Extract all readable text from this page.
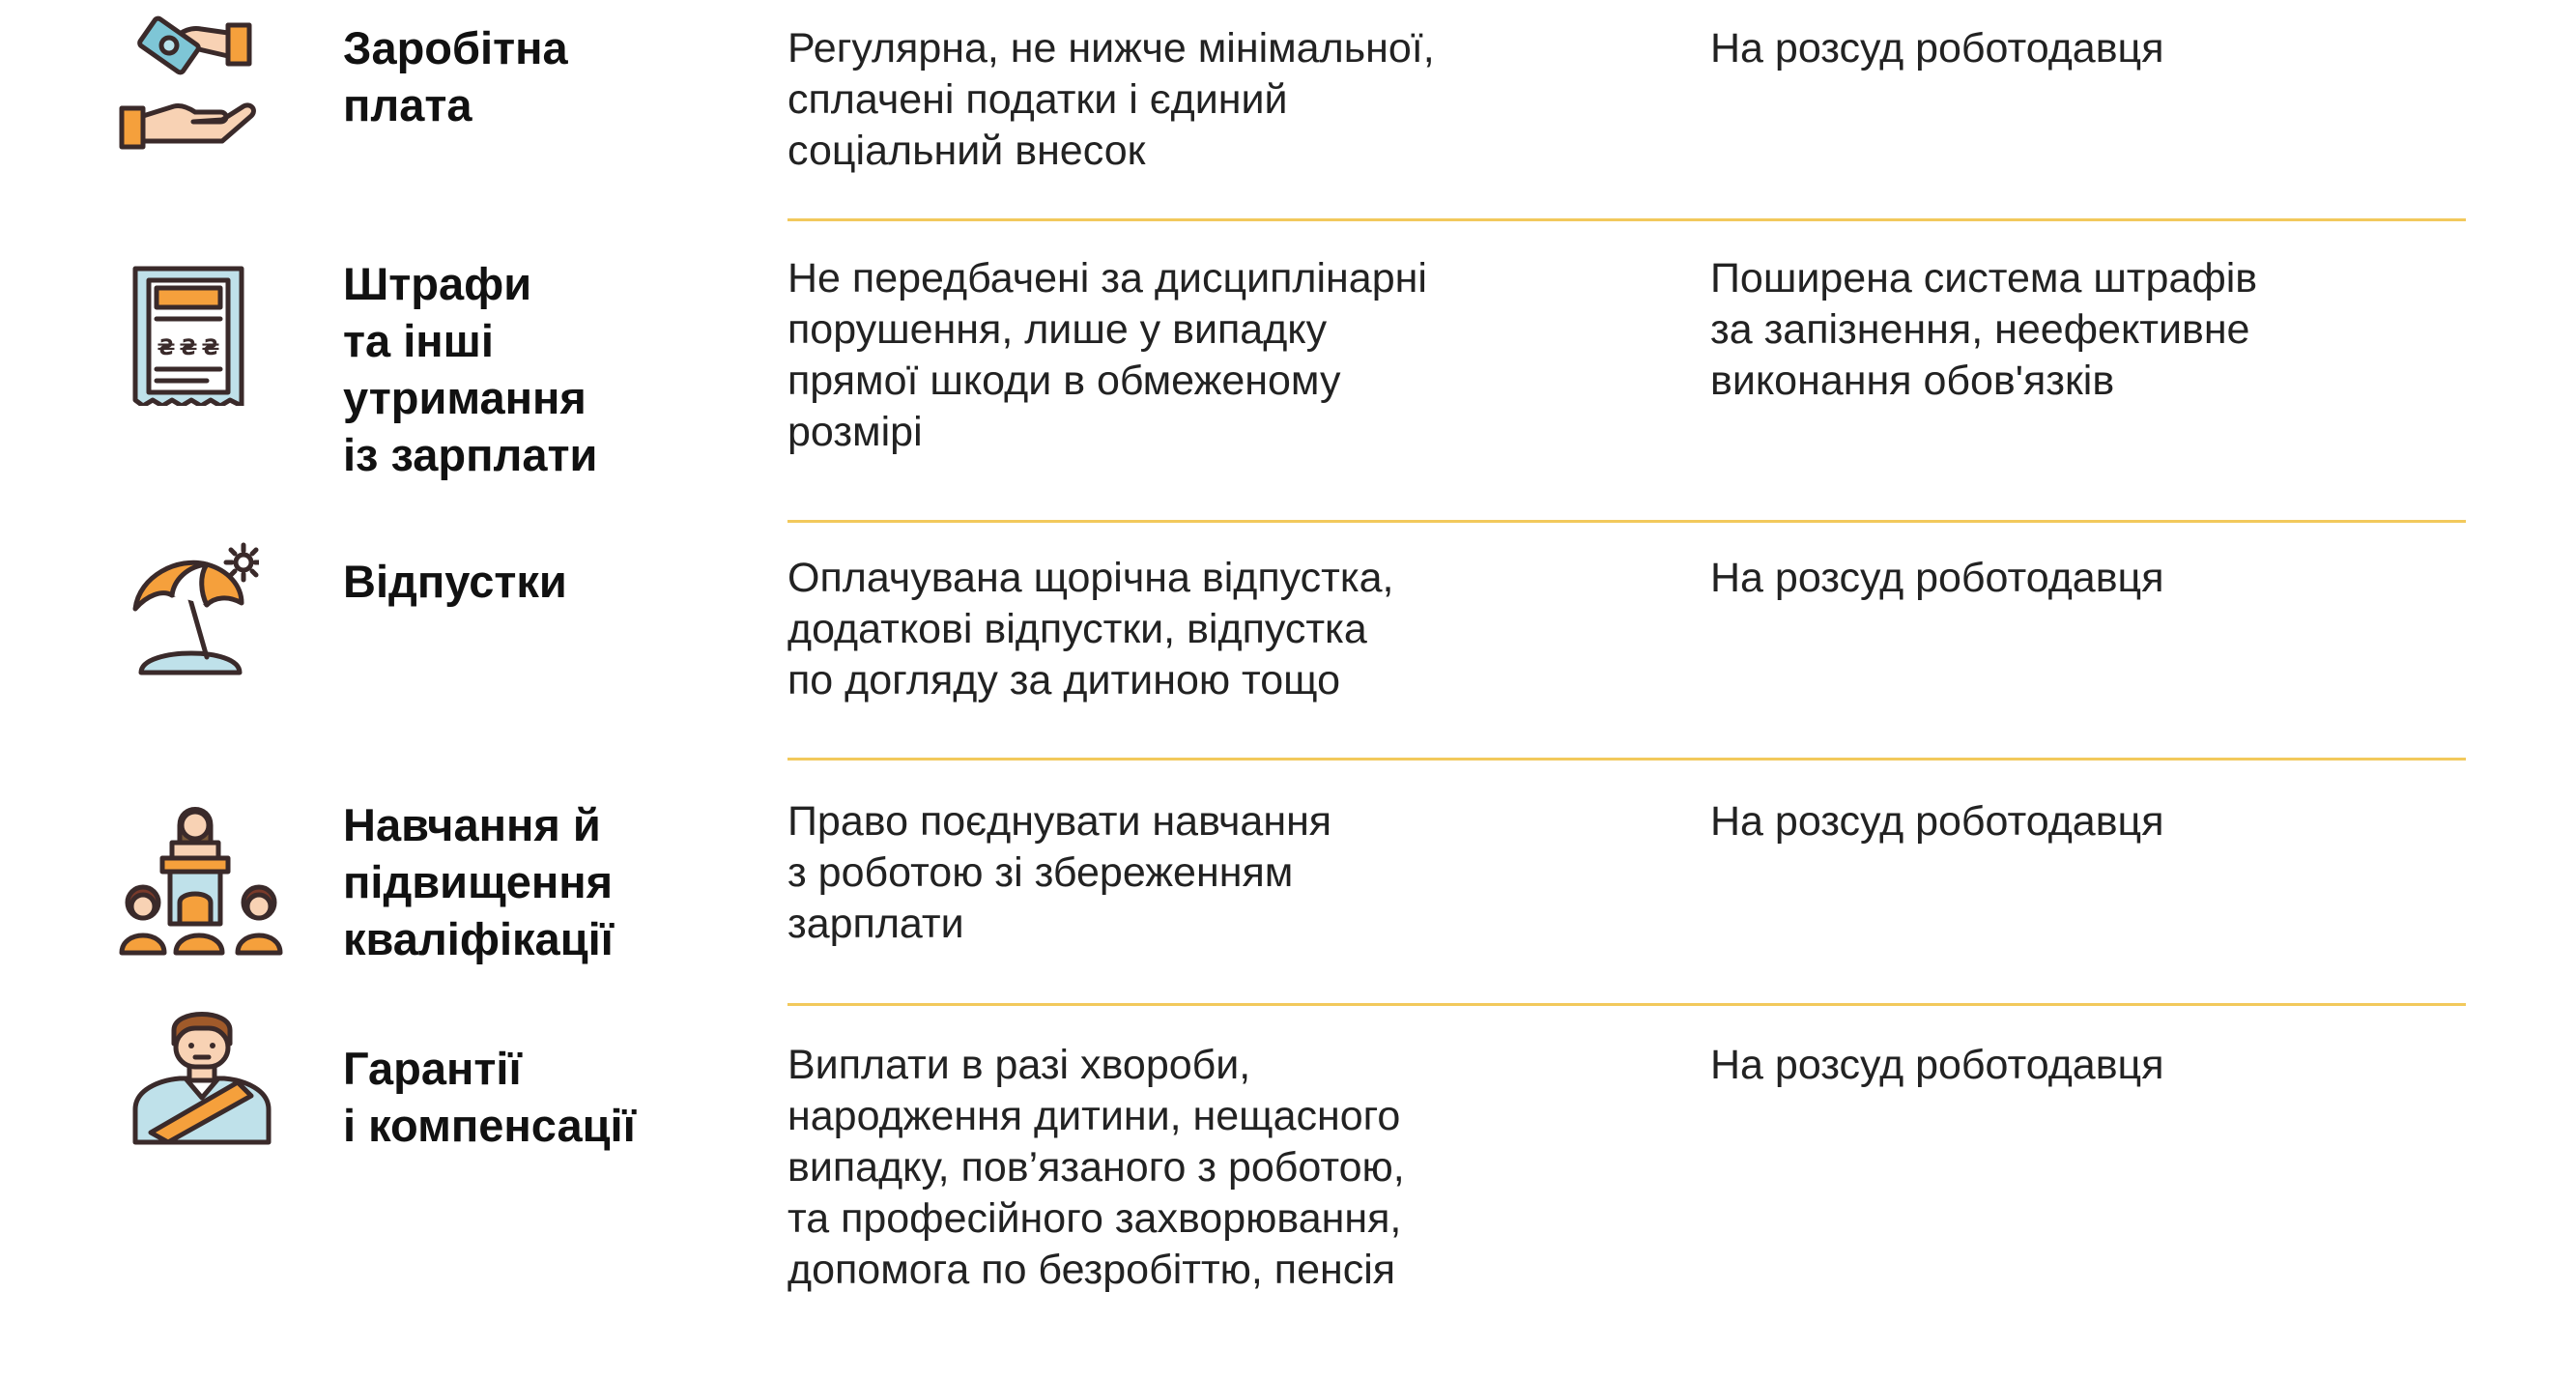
Заробітна
плата
Регулярна, не нижче мінімальної,
сплачені податки і єдиний
соціальний внесок
На розсуд роботодавця
₴ ₴ ₴
Штрафи
та інші
утримання
із зарплати
Не передбачені за дисциплінарні
порушення, лише у випадку
прямої шкоди в обмеженому
розмірі
Поширена система штрафів
за запізнення, неефективне
виконання обов'язків
Відпустки	Оплачувана щорічна відпустка,
додаткові відпустки, відпустка
по догляду за дитиною тощо
На розсуд роботодавця
Навчання й
підвищення
кваліфікації
Право поєднувати навчання
з роботою зі збереженням
зарплати
На розсуд роботодавця
Гарантії
і компенсації
Виплати в разі хвороби,
народження дитини, нещасного
випадку, пов’язаного з роботою,
та професійного захворювання,
допомога по безробіттю, пенсія
На розсуд роботодавця
